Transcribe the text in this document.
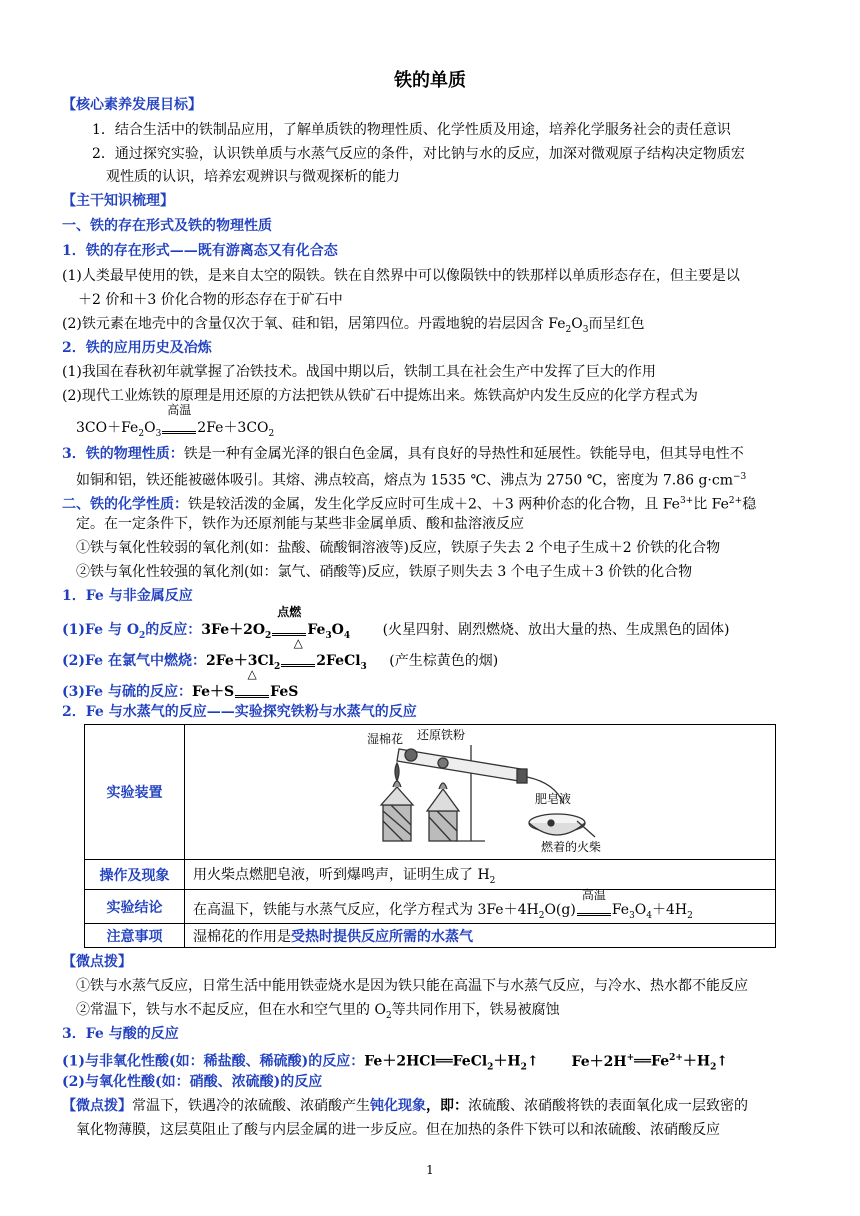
铁的单质
【核心素养发展目标】
1．结合生活中的铁制品应用，了解单质铁的物理性质、化学性质及用途，培养化学服务社会的责任意识
2．通过探究实验，认识铁单质与水蒸气反应的条件，对比钠与水的反应，加深对微观原子结构决定物质宏
观性质的认识，培养宏观辨识与微观探析的能力
【主干知识梳理】
一、铁的存在形式及铁的物理性质
1．铁的存在形式——既有游离态又有化合态
(1)人类最早使用的铁，是来自太空的陨铁。铁在自然界中可以像陨铁中的铁那样以单质形态存在，但主要是以
＋2 价和＋3 价化合物的形态存在于矿石中
(2)铁元素在地壳中的含量仅次于氧、硅和铝，居第四位。丹霞地貌的岩层因含 $Fe_2O_3$而呈红色
2．铁的应用历史及冶炼
(1)我国在春秋初年就掌握了冶铁技术。战国中期以后，铁制工具在社会生产中发挥了巨大的作用
(2)现代工业炼铁的原理是用还原的方法把铁从铁矿石中提炼出来。炼铁高炉内发生反应的化学方程式为
$3CO+Fe_2O_3$
高温
$2Fe+3CO_2$
3．铁的物理性质：铁是一种有金属光泽的银白色金属，具有良好的导热性和延展性。铁能导电，但其导电性不
如铜和铝，铁还能被磁体吸引。其熔、沸点较高，熔点为 1535 ℃、沸点为 2750 ℃，密度为 7.86 $g\cdot cm^{-3}$
二、铁的化学性质：铁是较活泼的金属，发生化学反应时可生成＋2、＋3 两种价态的化合物，且 $Fe^{3+}$比 $Fe^{2+}$稳
定。在一定条件下，铁作为还原剂能与某些非金属单质、酸和盐溶液反应
①铁与氧化性较弱的氧化剂(如：盐酸、硫酸铜溶液等)反应，铁原子失去 2 个电子生成＋2 价铁的化合物
②铁与氧化性较强的氧化剂(如：氯气、硝酸等)反应，铁原子则失去 3 个电子生成＋3 价铁的化合物
1．Fe 与非金属反应
(1)Fe 与 $O_2$的反应：$3Fe+2O_2$
点燃
$Fe_3O_4$ (火星四射、剧烈燃烧、放出大量的热、生成黑色的固体)
(2)Fe 在氯气中燃烧：$2Fe+3Cl_2$
△
2FeCl$_3$ (产生棕黄色的烟)
(3)Fe 与硫的反应：Fe＋S
△
FeS
2．Fe 与水蒸气的反应——实验探究铁粉与水蒸气的反应
实验装置	湿棉花 还原铁粉
肥皂液
燃着的火柴

操作及现象	用火柴点燃肥皂液，听到爆鸣声，证明生成了 $H_2$
实验结论	在高温下，铁能与水蒸气反应，化学方程式为 $3Fe+4H_2O(g)$
高温
$Fe_3O_4+4H_2$
注意事项	湿棉花的作用是受热时提供反应所需的水蒸气
【微点拨】
①铁与水蒸气反应，日常生活中能用铁壶烧水是因为铁只能在高温下与水蒸气反应，与冷水、热水都不能反应
②常温下，铁与水不起反应，但在水和空气里的 $O_2$等共同作用下，铁易被腐蚀
3．Fe 与酸的反应
(1)与非氧化性酸(如：稀盐酸、稀硫酸)的反应：$Fe+2HCl══FeCl_2+H_2↑$ $Fe+2H^+══Fe^{2+}+H_2↑$
(2)与氧化性酸(如：硝酸、浓硫酸)的反应
【微点拨】常温下，铁遇冷的浓硫酸、浓硝酸产生钝化现象，即：浓硫酸、浓硝酸将铁的表面氧化成一层致密的
氧化物薄膜，这层莫阻止了酸与内层金属的进一步反应。但在加热的条件下铁可以和浓硫酸、浓硝酸反应
1
